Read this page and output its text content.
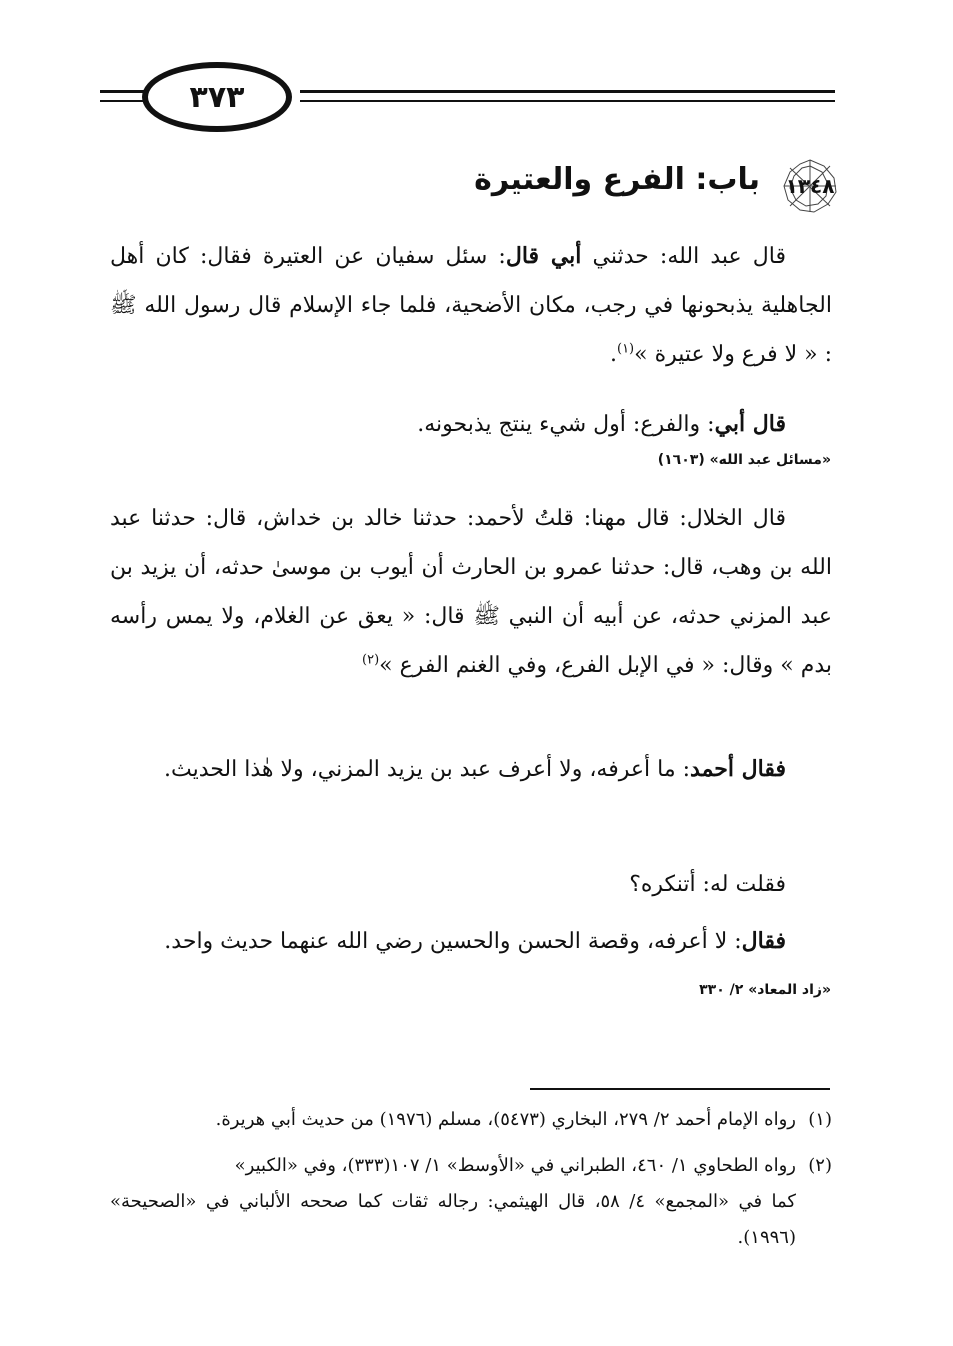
٣٧٣
١٣٤٨
باب: الفرع والعتيرة
قال عبد الله: حدثني أبي قال: سئل سفيان عن العتيرة فقال: كان أهل الجاهلية يذبحونها في رجب، مكان الأضحية، فلما جاء الإسلام قال رسول الله ﷺ : « لا فرع ولا عتيرة »$^{(١)}$.
قال أبي: والفرع: أول شيء ينتج يذبحونه.
«مسائل عبد الله» (١٦٠٣)
قال الخلال: قال مهنا: قلتُ لأحمد: حدثنا خالد بن خداش، قال: حدثنا عبد الله بن وهب، قال: حدثنا عمرو بن الحارث أن أيوب بن موسىٰ حدثه، أن يزيد بن عبد المزني حدثه، عن أبيه أن النبي ﷺ قال: « يعق عن الغلام، ولا يمس رأسه بدم » وقال: « في الإبل الفرع، وفي الغنم الفرع »$^{(٢)}$
فقال أحمد: ما أعرفه، ولا أعرف عبد بن يزيد المزني، ولا هٰذا الحديث.
فقلت له: أتنكره؟
فقال: لا أعرفه، وقصة الحسن والحسين رضي الله عنهما حديث واحد.
«زاد المعاد» ٢/ ٣٣٠
(١)رواه الإمام أحمد ٢/ ٢٧٩، البخاري (٥٤٧٣)، مسلم (١٩٧٦) من حديث أبي هريرة.
(٢)رواه الطحاوي ١/ ٤٦٠، الطبراني في «الأوسط» ١/ ١٠٧(٣٣٣)، وفي «الكبير»
كما في «المجمع» ٤/ ٥٨، قال الهيثمي: رجاله ثقات كما صححه الألباني في «الصحيحة» (١٩٩٦).
